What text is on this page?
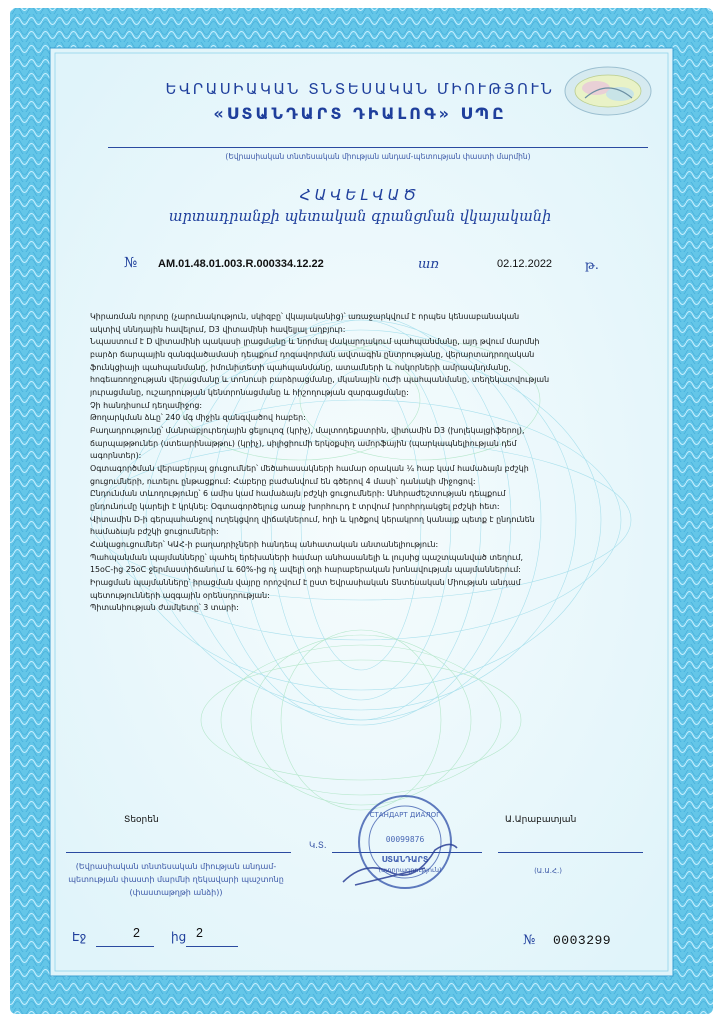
ԵՎՐԱՍԻԱԿԱՆ ՏՆՏԵՍԱԿԱՆ ՄԻՈՒԹՅՈՒՆ
«ՍՏԱՆԴԱՐՏ ԴԻԱԼՈԳ» ՍՊԸ
(Եվրասիական տնտեսական միության անդամ-պետության փաստի մարմին)
ՀԱՎԵԼՎԱԾ
արտադրանքի պետական գրանցման վկայականի
№ AM.01.48.01.003.R.000334.12.22	առ	02.12.2022	թ.
Կիրառման ոլորտը (չարունակություն, սկիզբը՝ վկայականից)՝ առաջարկվում է որպես կենսաբանական
ակտիվ սննդային հավելում, D3 վիտամինի հավելյալ աղբյուր:
Նպաստում է D վիտամինի պակասի լրացմանը և նորմալ մակարդակում պահպանմանը, այդ թվում մարմնի
բարձր ճարպային զանգվածամասի դեպքում դոզավորման ավտագին ընտրությանը, վերարտադրողական
ֆունկցիայի պահպանմանը, իմունիտետի պահպանմանը, ատամների և ոսկորների ամրապնդմանը,
հոգեառողջության վերացմանը և տոնուսի բարձրացմանը, մկանային ուժի պահպանմանը, տեղեկատվության
յուրացմանը, ուշադրության կենտրոնացմանը և հիշողության զարգացմանը:
Չի հանդիսում դեղամիջոց:
Թողարկման ձևը՝ 240 մգ միջին զանգվածով հաբեր:
Բաղադրությունը՝ մանրաբյուրեղային ցելյուլոզ (կրիչ), մալտոդեքստրին, վիտամին D3 (խոլեկալցիֆերոլ),
ճարպաթթուներ (ստեարինաթթու) (կրիչ), սիլիցիումի երկօքսիդ ամորֆային (պարկապնելիության դեմ
ագորնտեր):
Օգտագործման վերաբերյալ ցուցումներ՝ մեծահասակների համար օրական ¼ հաբ կամ համաձայն բժշկի
ցուցումների, ուտելու ընթացքում: Հաբերը բաժանվում են գծերով 4 մասի՝ դանակի միջոցով:
Ընդունման տևողությունը՝ 6 ամիս կամ համաձայն բժշկի ցուցումների: Անհրաժեշտության դեպքում
ընդունումը կարելի է կրկնել: Օգտագործելուց առաջ խորհուրդ է տրվում խորհրդակցել բժշկի հետ:
Վիտամին D-ի գերպահանջով ուղեկցվող վիճակներում, հղի և կրծքով կերակրող կանայք պետք է ընդունեն
համաձայն բժշկի ցուցումների:
Հակացուցումներ՝ ԿԱՀ-ի բաղադրիչների հանդեպ անհատական անտանելիություն:
Պահպանման պայմանները՝ պահել երեխաների համար անհասանելի և լույսից պաշտպանված տեղում,
15oC-ից 25oC ջերմաստիճանում և 60%-ից ոչ ավելի օդի հարաբերական խոնավության պայմաններում:
Իրացման պայմանները՝ իրացման վայրը որոշվում է ըստ Եվրասիական Տնտեսական Միության անդամ
պետությունների ազգային օրենսդրության:
Պիտանիության ժամկետը՝ 3 տարի:
Տեօրեն	Ա.Արաբատյան
Կ.Տ.
(ստորագրություն)	(Ա.Ա.Հ.)
(Եվրասիական տնտեսական միության անդամ-պետության փաստի մարմնի ղեկավարի պաշտոնը (փաստաթղթի անձի))
СТАНДАРТ ДИАЛОГ
00099876
ՍՏԱՆԴԱՐՏ
Էջ	2	ից 2	№ 0003299
